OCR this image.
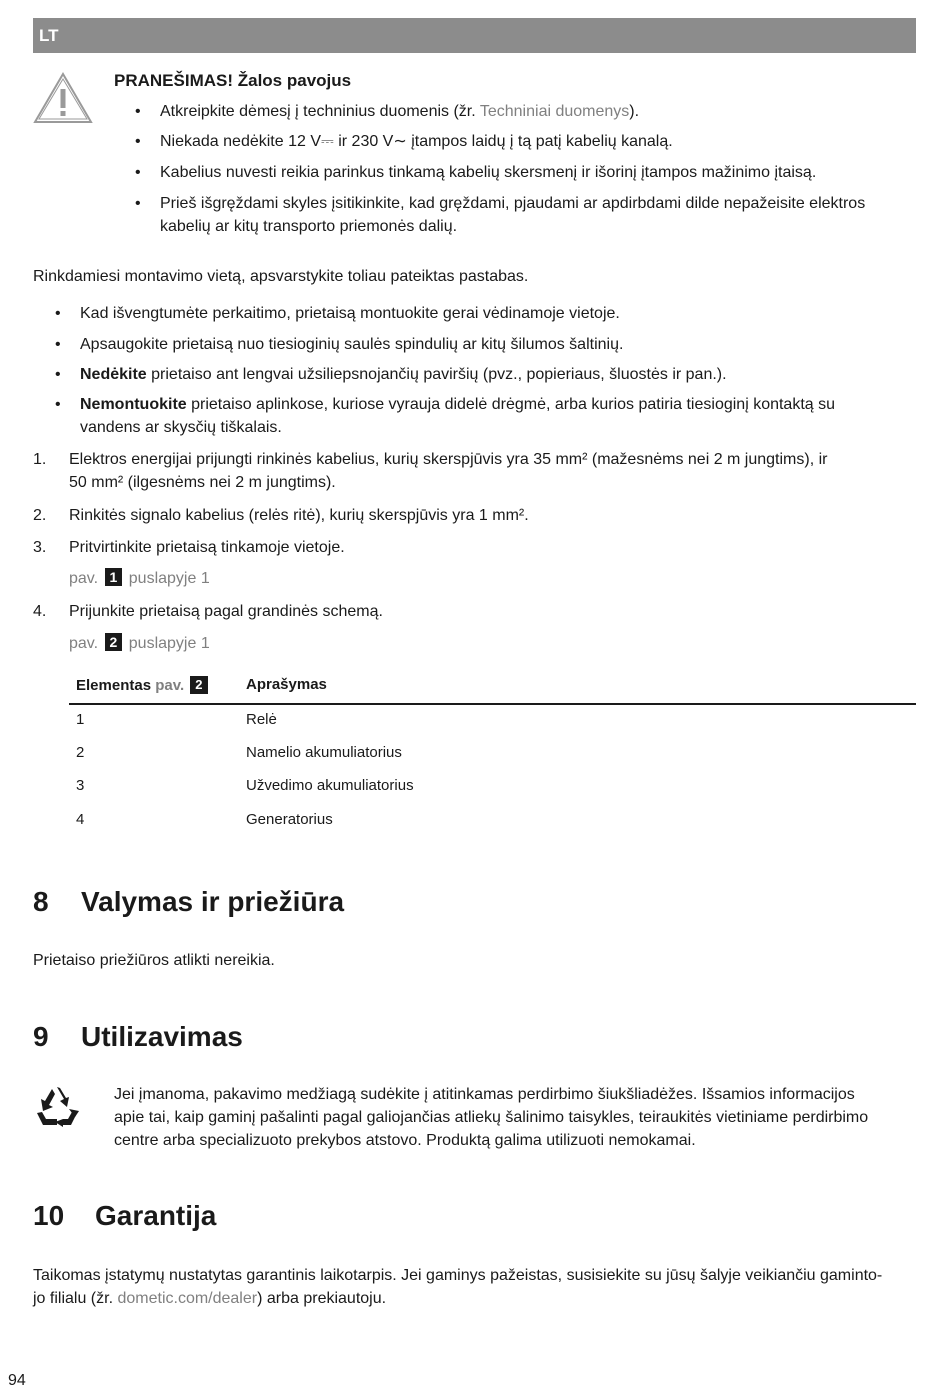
LT
PRANEŠIMAS! Žalos pavojus
• Atkreipkite dėmesį į techninius duomenis (žr. Techniniai duomenys).
• Niekada nedėkite 12 V⎓ ir 230 V∼ įtampos laidų į tą patį kabelių kanalą.
• Kabelius nuvesti reikia parinkus tinkamą kabelių skersmenį ir išorinį įtampos mažinimo įtaisą.
• Prieš išgręždami skyles įsitikinkite, kad gręždami, pjaudami ar apdirbdami dilde nepažeisite elektros
kabelių ar kitų transporto priemonės dalių.
Rinkdamiesi montavimo vietą, apsvarstykite toliau pateiktas pastabas.
• Kad išvengtumėte perkaitimo, prietaisą montuokite gerai vėdinamoje vietoje.
• Apsaugokite prietaisą nuo tiesioginių saulės spindulių ar kitų šilumos šaltinių.
• Nedėkite prietaiso ant lengvai užsiliepsnojančių paviršių (pvz., popieriaus, šluostės ir pan.).
• Nemontuokite prietaiso aplinkose, kuriose vyrauja didelė drėgmė, arba kurios patiria tiesioginį kontaktą su
vandens ar skysčių tiškalais.
1.	Elektros energijai prijungti rinkinės kabelius, kurių skerspjūvis yra 35 mm² (mažesnėms nei 2 m jungtims), ir
50 mm² (ilgesnėms nei 2 m jungtims).
2.	Rinkitės signalo kabelius (relės ritė), kurių skerspjūvis yra 1 mm².
3.	Pritvirtinkite prietaisą tinkamoje vietoje.
pav. 1 puslapyje 1
4.	Prijunkite prietaisą pagal grandinės schemą.
pav. 2 puslapyje 1
Elementas pav. 2	Aprašymas
1	Relė
2	Namelio akumuliatorius
3	Užvedimo akumuliatorius
4	Generatorius
8 Valymas ir priežiūra
Prietaiso priežiūros atlikti nereikia.
9 Utilizavimas
Jei įmanoma, pakavimo medžiagą sudėkite į atitinkamas perdirbimo šiukšliadėžes. Išsamios informacijos
apie tai, kaip gaminį pašalinti pagal galiojančias atliekų šalinimo taisykles, teiraukitės vietiniame perdirbimo
centre arba specializuoto prekybos atstovo. Produktą galima utilizuoti nemokamai.
10 Garantija
Taikomas įstatymų nustatytas garantinis laikotarpis. Jei gaminys pažeistas, susisiekite su jūsų šalyje veikiančiu gaminto-
jo filialu (žr. dometic.com/dealer) arba prekiautoju.
94
